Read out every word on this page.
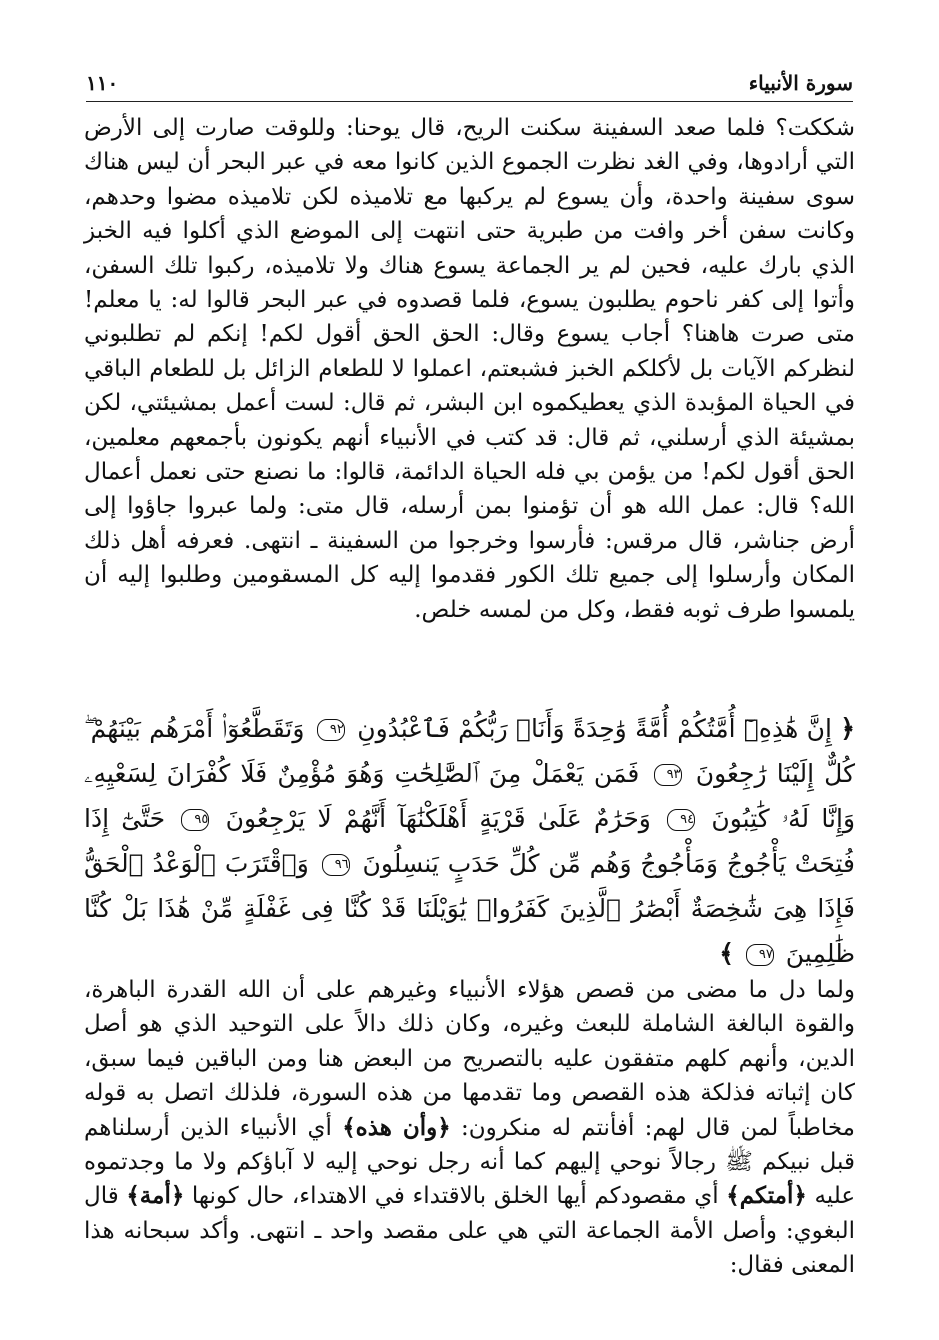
سورة الأنبياء
١١٠
شككت؟ فلما صعد السفينة سكنت الريح، قال يوحنا: وللوقت صارت إلى الأرض التي أرادوها، وفي الغد نظرت الجموع الذين كانوا معه في عبر البحر أن ليس هناك سوى سفينة واحدة، وأن يسوع لم يركبها مع تلاميذه لكن تلاميذه مضوا وحدهم، وكانت سفن أخر وافت من طبرية حتى انتهت إلى الموضع الذي أكلوا فيه الخبز الذي بارك عليه، فحين لم ير الجماعة يسوع هناك ولا تلاميذه، ركبوا تلك السفن، وأتوا إلى كفر ناحوم يطلبون يسوع، فلما قصدوه في عبر البحر قالوا له: يا معلم! متى صرت هاهنا؟ أجاب يسوع وقال: الحق الحق أقول لكم! إنكم لم تطلبوني لنظركم الآيات بل لأكلكم الخبز فشبعتم، اعملوا لا للطعام الزائل بل للطعام الباقي في الحياة المؤبدة الذي يعطيكموه ابن البشر، ثم قال: لست أعمل بمشيئتي، لكن بمشيئة الذي أرسلني، ثم قال: قد كتب في الأنبياء أنهم يكونون بأجمعهم معلمين، الحق أقول لكم! من يؤمن بي فله الحياة الدائمة، قالوا: ما نصنع حتى نعمل أعمال الله؟ قال: عمل الله هو أن تؤمنوا بمن أرسله، قال متى: ولما عبروا جاؤوا إلى أرض جناشر، قال مرقس: فأرسوا وخرجوا من السفينة ـ انتهى. فعرفه أهل ذلك المكان وأرسلوا إلى جميع تلك الكور فقدموا إليه كل المسقومين وطلبوا إليه أن يلمسوا طرف ثوبه فقط، وكل من لمسه خلص.
﴿ إِنَّ هَٰذِهِۦٓ أُمَّتُكُمْ أُمَّةً وَٰحِدَةً وَأَنَا۠ رَبُّكُمْ فَٱعْبُدُونِ ٩٢ وَتَقَطَّعُوٓا۟ أَمْرَهُم بَيْنَهُمْ ۖ كُلٌّ إِلَيْنَا رَٰجِعُونَ ٩٣ فَمَن يَعْمَلْ مِنَ ٱلصَّٰلِحَٰتِ وَهُوَ مُؤْمِنٌ فَلَا كُفْرَانَ لِسَعْيِهِۦ وَإِنَّا لَهُۥ كَٰتِبُونَ ٩٤ وَحَرَٰمٌ عَلَىٰ قَرْيَةٍ أَهْلَكْنَٰهَآ أَنَّهُمْ لَا يَرْجِعُونَ ٩٥ حَتَّىٰٓ إِذَا فُتِحَتْ يَأْجُوجُ وَمَأْجُوجُ وَهُم مِّن كُلِّ حَدَبٍ يَنسِلُونَ ٩٦ وَٱقْتَرَبَ ٱلْوَعْدُ ٱلْحَقُّ فَإِذَا هِىَ شَٰخِصَةٌ أَبْصَٰرُ ٱلَّذِينَ كَفَرُوا۟ يَٰوَيْلَنَا قَدْ كُنَّا فِى غَفْلَةٍ مِّنْ هَٰذَا بَلْ كُنَّا ظَٰلِمِينَ ٩٧ ﴾
ولما دل ما مضى من قصص هؤلاء الأنبياء وغيرهم على أن الله القدرة الباهرة، والقوة البالغة الشاملة للبعث وغيره، وكان ذلك دالاً على التوحيد الذي هو أصل الدين، وأنهم كلهم متفقون عليه بالتصريح من البعض هنا ومن الباقين فيما سبق، كان إثباته فذلكة هذه القصص وما تقدمها من هذه السورة، فلذلك اتصل به قوله مخاطباً لمن قال لهم: أفأنتم له منكرون: ﴿وأن هذه﴾ أي الأنبياء الذين أرسلناهم قبل نبيكم ﷺ رجالاً نوحي إليهم كما أنه رجل نوحي إليه لا آباؤكم ولا ما وجدتموه عليه ﴿أمتكم﴾ أي مقصودكم أيها الخلق بالاقتداء في الاهتداء، حال كونها ﴿أمة﴾ قال البغوي: وأصل الأمة الجماعة التي هي على مقصد واحد ـ انتهى. وأكد سبحانه هذا المعنى فقال:
